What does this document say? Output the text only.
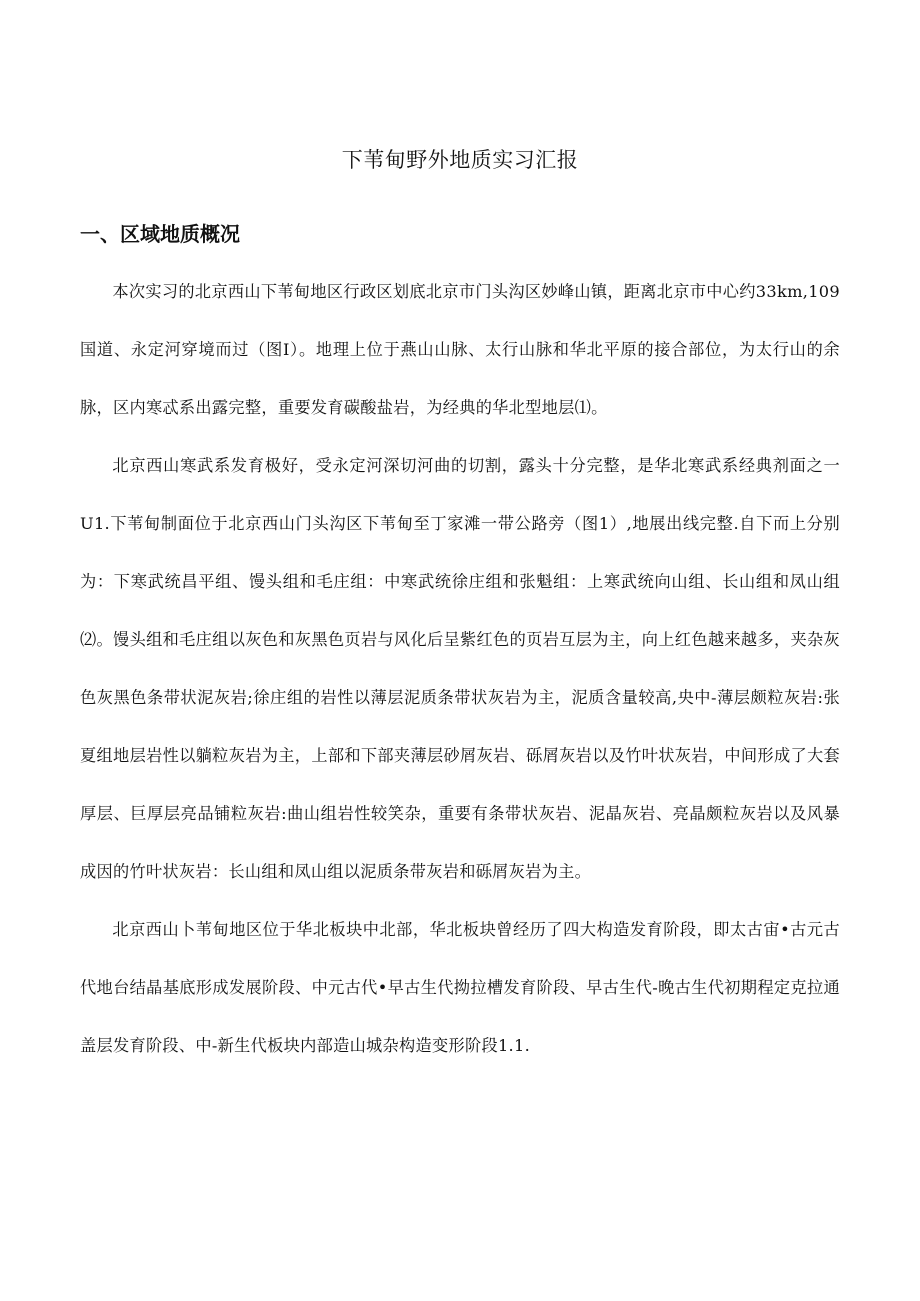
下苇甸野外地质实习汇报
一、区域地质概况

本次实习的北京西山下苇甸地区行政区划底北京市门头沟区妙峰山镇，距离北京市中心约33km,109国道、永定河穿境而过（图I）。地理上位于燕山山脉、太行山脉和华北平原的接合部位，为太行山的余脉，区内寒忒系出露完整，重要发育碳酸盐岩，为经典的华北型地层⑴。

北京西山寒武系发育极好，受永定河深切河曲的切割，露头十分完整，是华北寒武系经典剂面之一U1.下苇甸制面位于北京西山门头沟区下苇甸至丁家滩一带公路旁（图1）,地展出线完整.自下而上分别为：下寒武统昌平组、馒头组和毛庄组：中寒武统徐庄组和张魁组：上寒武统向山组、长山组和凤山组⑵。馒头组和毛庄组以灰色和灰黑色页岩与风化后呈紫红色的页岩互层为主，向上红色越来越多，夹杂灰色灰黑色条带状泥灰岩;徐庄组的岩性以薄层泥质条带状灰岩为主，泥质含量较高,央中-薄层颇粒灰岩:张夏组地层岩性以躺粒灰岩为主，上部和下部夹薄层砂屑灰岩、砾屑灰岩以及竹叶状灰岩，中间形成了大套厚层、巨厚层亮品铺粒灰岩:曲山组岩性较笑杂，重要有条带状灰岩、泥晶灰岩、亮晶颇粒灰岩以及风暴成因的竹叶状灰岩：长山组和凤山组以泥质条带灰岩和砾屑灰岩为主。

北京西山卜苇甸地区位于华北板块中北部，华北板块曾经历了四大构造发育阶段，即太古宙•古元古代地台结晶基底形成发展阶段、中元古代•早古生代拗拉槽发育阶段、早古生代-晚古生代初期程定克拉通盖层发育阶段、中-新生代板块内部造山城杂构造变形阶段1.1.
